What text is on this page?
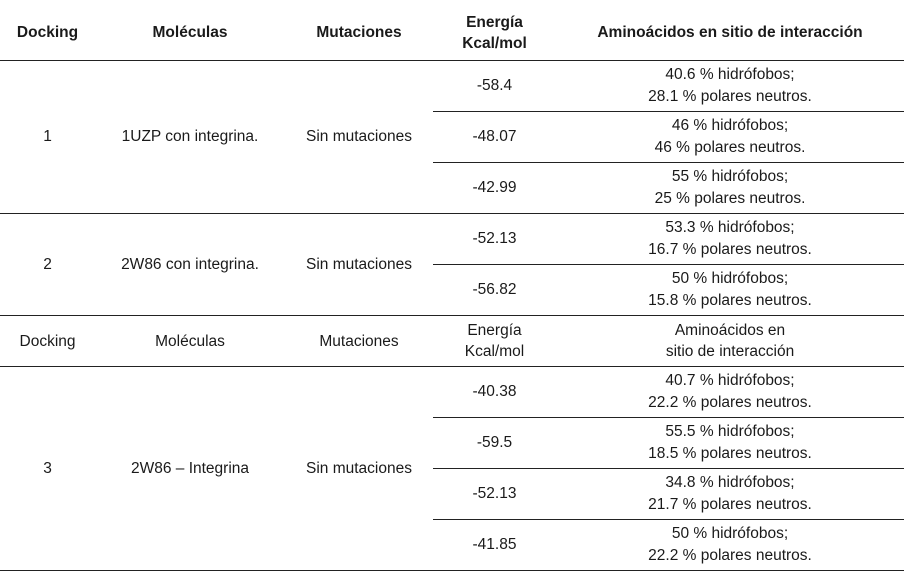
Docking	Moléculas	Mutaciones	Energía
Kcal/mol	Aminoácidos en sitio de interacción
1	1UZP con integrina.	Sin mutaciones	-58.4	40.6 % hidrófobos;
28.1 % polares neutros.
			-48.07	46 % hidrófobos;
46 % polares neutros.
			-42.99	55 % hidrófobos;
25 % polares neutros.
2	2W86 con integrina.	Sin mutaciones	-52.13	53.3 % hidrófobos;
16.7 % polares neutros.
			-56.82	50 % hidrófobos;
15.8 % polares neutros.
Docking	Moléculas	Mutaciones	Energía
Kcal/mol	Aminoácidos en
sitio de interacción
3	2W86 – Integrina	Sin mutaciones	-40.38	40.7 % hidrófobos;
22.2 % polares neutros.
			-59.5	55.5 % hidrófobos;
18.5 % polares neutros.
			-52.13	34.8 % hidrófobos;
21.7 % polares neutros.
			-41.85	50 % hidrófobos;
22.2 % polares neutros.
